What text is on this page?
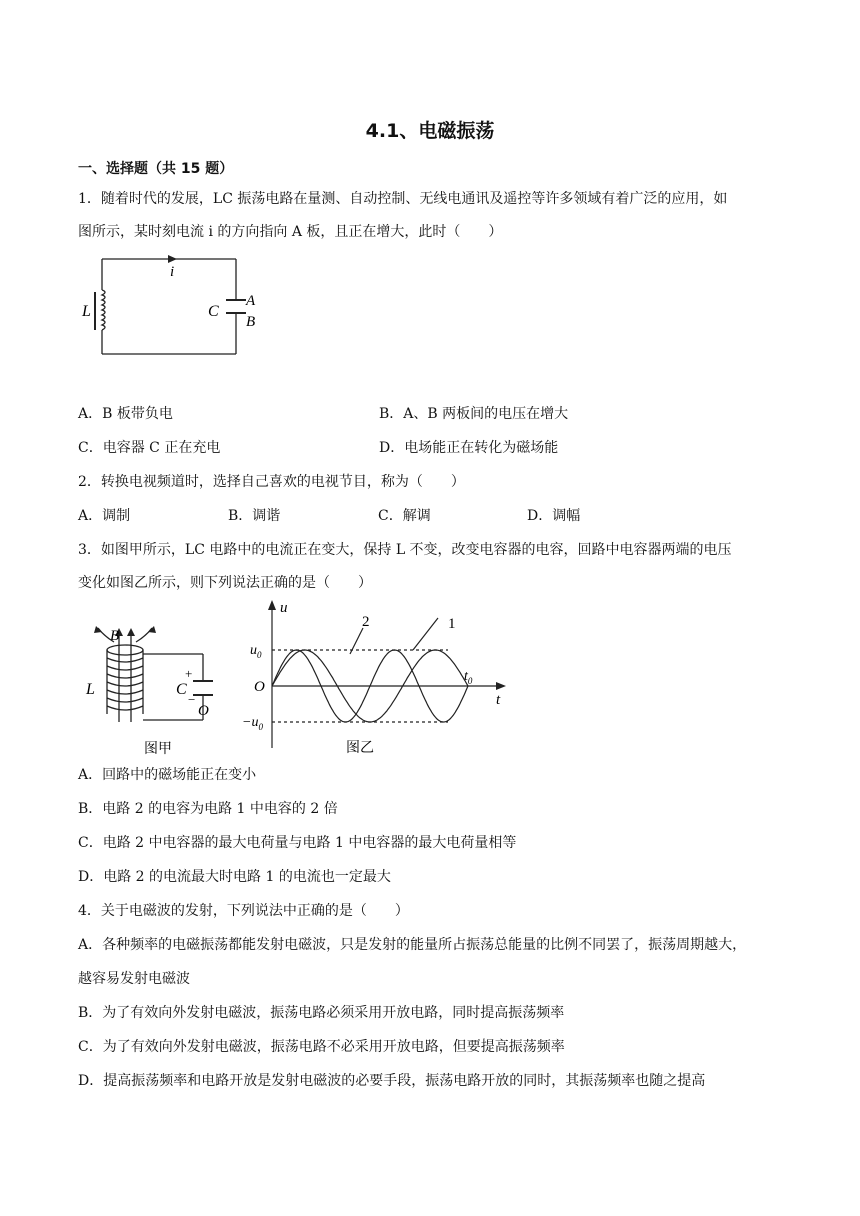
4.1、电磁振荡
一、选择题（共 15 题）
1．随着时代的发展，LC 振荡电路在量测、自动控制、无线电通讯及遥控等许多领域有着广泛的应用，如
图所示，某时刻电流 i 的方向指向 A 板，且正在增大，此时（　　）
i
L	C
A
B
A．B 板带负电	B．A、B 两板间的电压在增大
C．电容器 C 正在充电	D．电场能正在转化为磁场能
2．转换电视频道时，选择自己喜欢的电视节目，称为（　　）
A．调制	B．调谐	C．解调	D．调幅
3．如图甲所示，LC 电路中的电流正在变大，保持 L 不变，改变电容器的电容，回路中电容器两端的电压
变化如图乙所示，则下列说法正确的是（　　）
B
L	C
+
−
O
图甲
u
t
O
$u_0$
$-u_0$
$t_0$
1
2
图乙
A．回路中的磁场能正在变小
B．电路 2 的电容为电路 1 中电容的 2 倍
C．电路 2 中电容器的最大电荷量与电路 1 中电容器的最大电荷量相等
D．电路 2 的电流最大时电路 1 的电流也一定最大
4．关于电磁波的发射，下列说法中正确的是（　　）
A．各种频率的电磁振荡都能发射电磁波，只是发射的能量所占振荡总能量的比例不同罢了，振荡周期越大，
越容易发射电磁波
B．为了有效向外发射电磁波，振荡电路必须采用开放电路，同时提高振荡频率
C．为了有效向外发射电磁波，振荡电路不必采用开放电路，但要提高振荡频率
D．提高振荡频率和电路开放是发射电磁波的必要手段，振荡电路开放的同时，其振荡频率也随之提高
